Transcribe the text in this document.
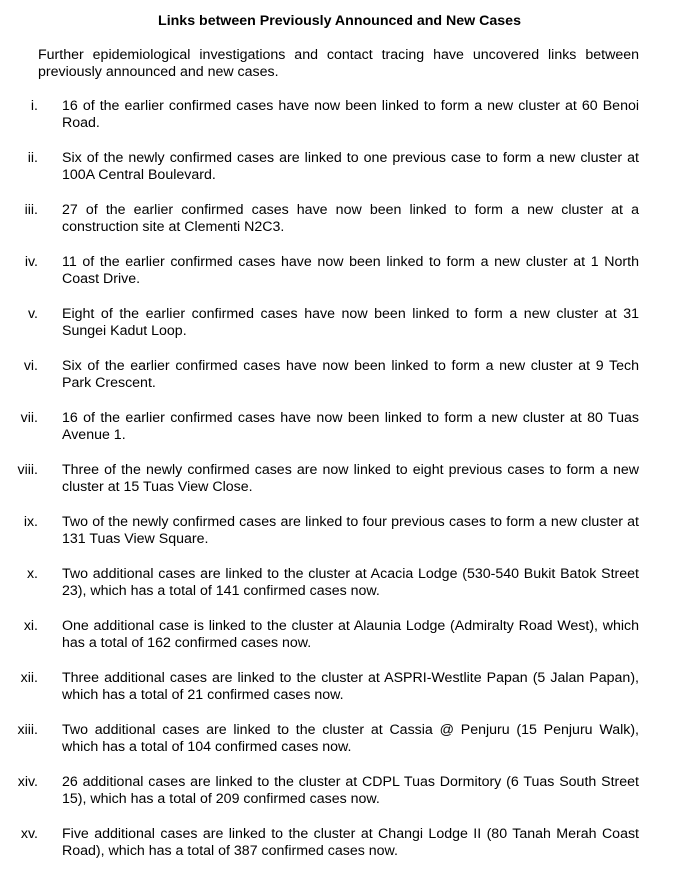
Links between Previously Announced and New Cases
Further epidemiological investigations and contact tracing have uncovered links between previously announced and new cases.
i. 16 of the earlier confirmed cases have now been linked to form a new cluster at 60 Benoi Road.
ii. Six of the newly confirmed cases are linked to one previous case to form a new cluster at 100A Central Boulevard.
iii. 27 of the earlier confirmed cases have now been linked to form a new cluster at a construction site at Clementi N2C3.
iv. 11 of the earlier confirmed cases have now been linked to form a new cluster at 1 North Coast Drive.
v. Eight of the earlier confirmed cases have now been linked to form a new cluster at 31 Sungei Kadut Loop.
vi. Six of the earlier confirmed cases have now been linked to form a new cluster at 9 Tech Park Crescent.
vii. 16 of the earlier confirmed cases have now been linked to form a new cluster at 80 Tuas Avenue 1.
viii. Three of the newly confirmed cases are now linked to eight previous cases to form a new cluster at 15 Tuas View Close.
ix. Two of the newly confirmed cases are linked to four previous cases to form a new cluster at 131 Tuas View Square.
x. Two additional cases are linked to the cluster at Acacia Lodge (530-540 Bukit Batok Street 23), which has a total of 141 confirmed cases now.
xi. One additional case is linked to the cluster at Alaunia Lodge (Admiralty Road West), which has a total of 162 confirmed cases now.
xii. Three additional cases are linked to the cluster at ASPRI-Westlite Papan (5 Jalan Papan), which has a total of 21 confirmed cases now.
xiii. Two additional cases are linked to the cluster at Cassia @ Penjuru (15 Penjuru Walk), which has a total of 104 confirmed cases now.
xiv. 26 additional cases are linked to the cluster at CDPL Tuas Dormitory (6 Tuas South Street 15), which has a total of 209 confirmed cases now.
xv. Five additional cases are linked to the cluster at Changi Lodge II (80 Tanah Merah Coast Road), which has a total of 387 confirmed cases now.
